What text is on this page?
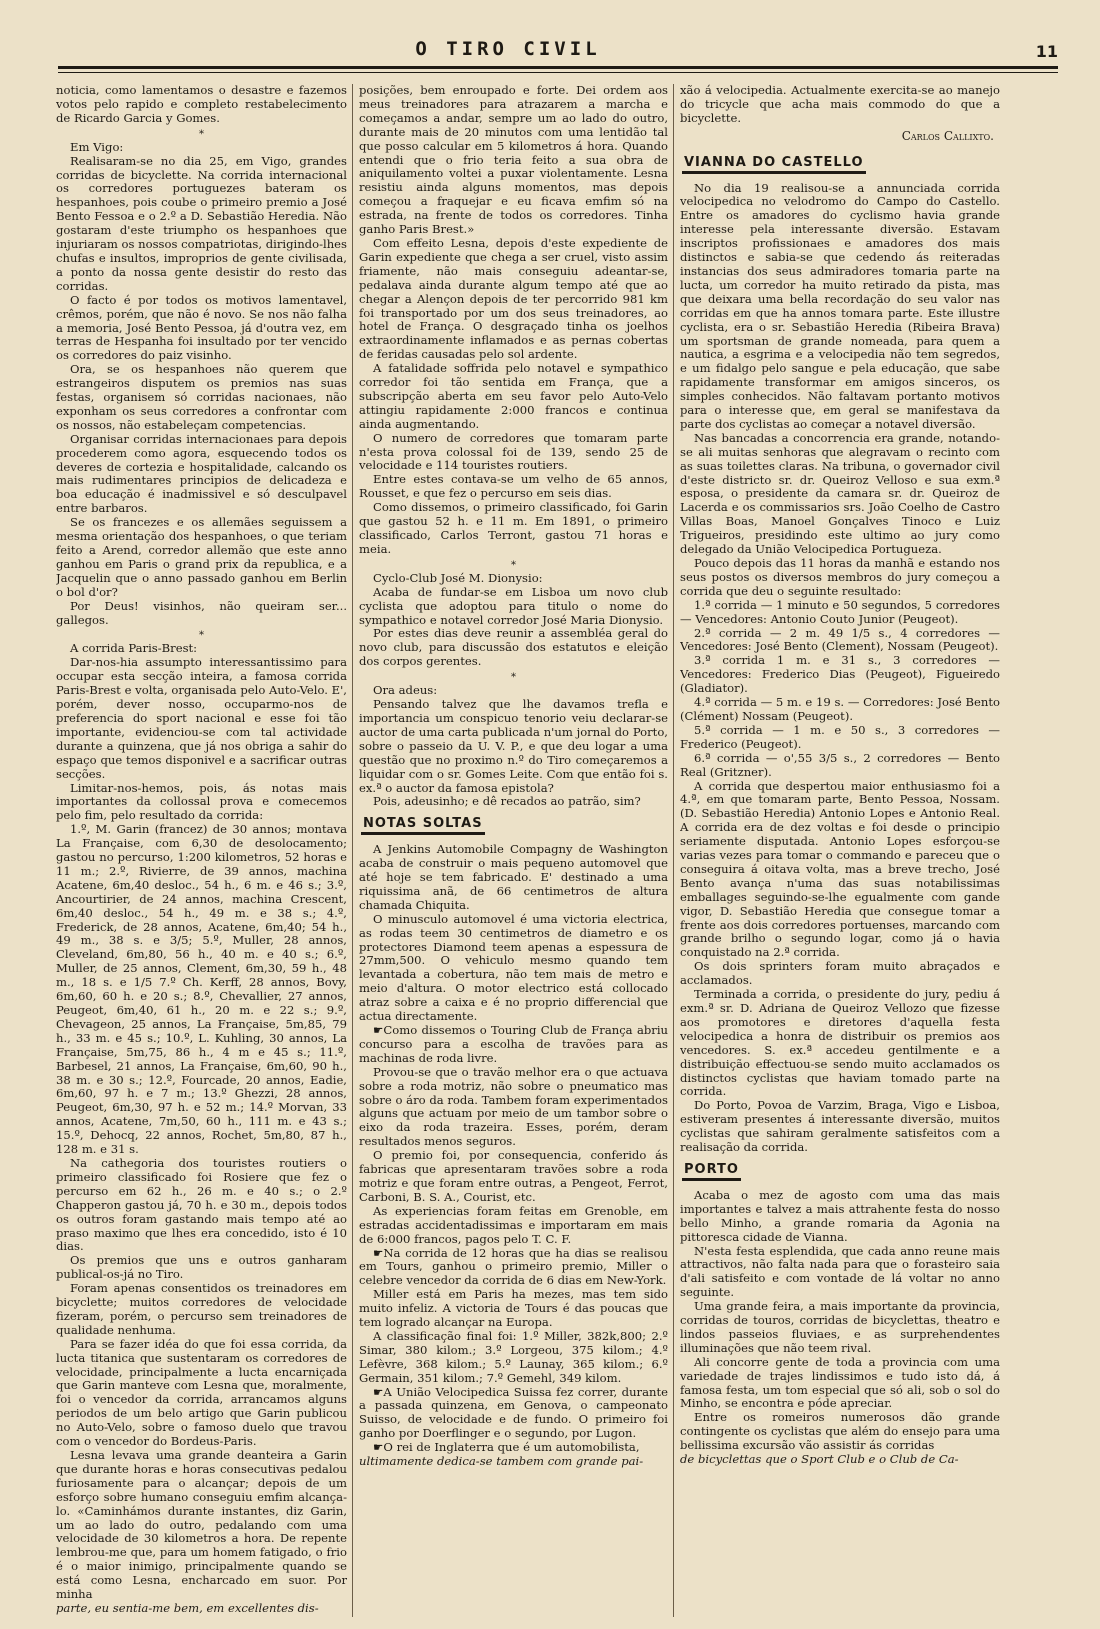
O TIRO CIVIL	11

noticia, como lamentamos o desastre e fazemos votos pelo rapido e completo restabelecimento de Ricardo Garcia y Gomes.

*

Em Vigo:

Realisaram-se no dia 25, em Vigo, grandes corridas de bicyclette. Na corrida internacional os corredores portuguezes bateram os hespanhoes, pois coube o primeiro premio a José Bento Fessoa e o 2.º a D. Sebastião Heredia. Não gostaram d'este triumpho os hespanhoes que injuriaram os nossos compatriotas, dirigindo-lhes chufas e insultos, improprios de gente civilisada, a ponto da nossa gente desistir do resto das corridas.

O facto é por todos os motivos lamentavel, crêmos, porém, que não é novo. Se nos não falha a memoria, José Bento Pessoa, já d'outra vez, em terras de Hespanha foi insultado por ter vencido os corredores do paiz visinho.

Ora, se os hespanhoes não querem que estrangeiros disputem os premios nas suas festas, organisem só corridas nacionaes, não exponham os seus corredores a confrontar com os nossos, não estabeleçam competencias.

Organisar corridas internacionaes para depois procederem como agora, esquecendo todos os deveres de cortezia e hospitalidade, calcando os mais rudimentares principios de delicadeza e boa educação é inadmissivel e só desculpavel entre barbaros.

Se os francezes e os allemães seguissem a mesma orientação dos hespanhoes, o que teriam feito a Arend, corredor allemão que este anno ganhou em Paris o grand prix da republica, e a Jacquelin que o anno passado ganhou em Berlin o bol d'or?

Por Deus! visinhos, não queiram ser... gallegos.

*

A corrida Paris-Brest:

Dar-nos-hia assumpto interessantissimo para occupar esta secção inteira, a famosa corrida Paris-Brest e volta, organisada pelo Auto-Velo. E', porém, dever nosso, occuparmo-nos de preferencia do sport nacional e esse foi tão importante, evidenciou-se com tal actividade durante a quinzena, que já nos obriga a sahir do espaço que temos disponivel e a sacrificar outras secções.

Limitar-nos-hemos, pois, ás notas mais importantes da collossal prova e comecemos pelo fim, pelo resultado da corrida:

1.º, M. Garin (francez) de 30 annos; montava La Française, com 6,30 de desolocamento; gastou no percurso, 1:200 kilometros, 52 horas e 11 m.; 2.º, Rivierre, de 39 annos, machina Acatene, 6m,40 desloc., 54 h., 6 m. e 46 s.; 3.º, Ancourtirier, de 24 annos, machina Crescent, 6m,40 desloc., 54 h., 49 m. e 38 s.; 4.º, Frederick, de 28 annos, Acatene, 6m,40; 54 h., 49 m., 38 s. e 3/5; 5.º, Muller, 28 annos, Cleveland, 6m,80, 56 h., 40 m. e 40 s.; 6.º, Muller, de 25 annos, Clement, 6m,30, 59 h., 48 m., 18 s. e 1/5 7.º Ch. Kerff, 28 annos, Bovy, 6m,60, 60 h. e 20 s.; 8.º, Chevallier, 27 annos, Peugeot, 6m,40, 61 h., 20 m. e 22 s.; 9.º, Chevageon, 25 annos, La Française, 5m,85, 79 h., 33 m. e 45 s.; 10.º, L. Kuhling, 30 annos, La Française, 5m,75, 86 h., 4 m e 45 s.; 11.º, Barbesel, 21 annos, La Française, 6m,60, 90 h., 38 m. e 30 s.; 12.º, Fourcade, 20 annos, Eadie, 6m,60, 97 h. e 7 m.; 13.º Ghezzi, 28 annos, Peugeot, 6m,30, 97 h. e 52 m.; 14.º Morvan, 33 annos, Acatene, 7m,50, 60 h., 111 m. e 43 s.; 15.º, Dehocq, 22 annos, Rochet, 5m,80, 87 h., 128 m. e 31 s.

Na cathegoria dos touristes routiers o primeiro classificado foi Rosiere que fez o percurso em 62 h., 26 m. e 40 s.; o 2.º Chapperon gastou já, 70 h. e 30 m., depois todos os outros foram gastando mais tempo até ao praso maximo que lhes era concedido, isto é 10 dias.

Os premios que uns e outros ganharam publical-os-já no Tiro.

Foram apenas consentidos os treinadores em bicyclette; muitos corredores de velocidade fizeram, porém, o percurso sem treinadores de qualidade nenhuma.

Para se fazer idéa do que foi essa corrida, da lucta titanica que sustentaram os corredores de velocidade, principalmente a lucta encarniçada que Garin manteve com Lesna que, moralmente, foi o vencedor da corrida, arrancamos alguns periodos de um belo artigo que Garin publicou no Auto-Velo, sobre o famoso duelo que travou com o vencedor do Bordeus-Paris.

Lesna levava uma grande deanteira a Garin que durante horas e horas consecutivas pedalou furiosamente para o alcançar; depois de um esforço sobre humano conseguiu emfim alcança-lo. «Caminhámos durante instantes, diz Garin, um ao lado do outro, pedalando com uma velocidade de 30 kilometros a hora. De repente lembrou-me que, para um homem fatigado, o frio é o maior inimigo, principalmente quando se está como Lesna, encharcado em suor. Por minha

parte, eu sentia-me bem, em excellentes dis-

posições, bem enroupado e forte. Dei ordem aos meus treinadores para atrazarem a marcha e começamos a andar, sempre um ao lado do outro, durante mais de 20 minutos com uma lentidão tal que posso calcular em 5 kilometros á hora. Quando entendi que o frio teria feito a sua obra de aniquilamento voltei a puxar violentamente. Lesna resistiu ainda alguns momentos, mas depois começou a fraquejar e eu ficava emfim só na estrada, na frente de todos os corredores. Tinha ganho Paris Brest.»

Com effeito Lesna, depois d'este expediente de Garin expediente que chega a ser cruel, visto assim friamente, não mais conseguiu adeantar-se, pedalava ainda durante algum tempo até que ao chegar a Alençon depois de ter percorrido 981 km foi transportado por um dos seus treinadores, ao hotel de França. O desgraçado tinha os joelhos extraordinamente inflamados e as pernas cobertas de feridas causadas pelo sol ardente.

A fatalidade soffrida pelo notavel e sympathico corredor foi tão sentida em França, que a subscripção aberta em seu favor pelo Auto-Velo attingiu rapidamente 2:000 francos e continua ainda augmentando.

O numero de corredores que tomaram parte n'esta prova colossal foi de 139, sendo 25 de velocidade e 114 touristes routiers.

Entre estes contava-se um velho de 65 annos, Rousset, e que fez o percurso em seis dias.

Como dissemos, o primeiro classificado, foi Garin que gastou 52 h. e 11 m. Em 1891, o primeiro classificado, Carlos Terront, gastou 71 horas e meia.

*

Cyclo-Club José M. Dionysio:

Acaba de fundar-se em Lisboa um novo club cyclista que adoptou para titulo o nome do sympathico e notavel corredor José Maria Dionysio.

Por estes dias deve reunir a assembléa geral do novo club, para discussão dos estatutos e eleição dos corpos gerentes.

*

Ora adeus:

Pensando talvez que lhe davamos trefla e importancia um conspicuo tenorio veiu declarar-se auctor de uma carta publicada n'um jornal do Porto, sobre o passeio da U. V. P., e que deu logar a uma questão que no proximo n.º do Tiro começaremos a liquidar com o sr. Gomes Leite. Com que então foi s. ex.ª o auctor da famosa epistola?

Pois, adeusinho; e dê recados ao patrão, sim?

NOTAS SOLTAS

A Jenkins Automobile Compagny de Washington acaba de construir o mais pequeno automovel que até hoje se tem fabricado. E' destinado a uma riquissima anã, de 66 centimetros de altura chamada Chiquita.

O minusculo automovel é uma victoria electrica, as rodas teem 30 centimetros de diametro e os protectores Diamond teem apenas a espessura de 27mm,500. O vehiculo mesmo quando tem levantada a cobertura, não tem mais de metro e meio d'altura. O motor electrico está collocado atraz sobre a caixa e é no proprio differencial que actua directamente.

☛Como dissemos o Touring Club de França abriu concurso para a escolha de travões para as machinas de roda livre.

Provou-se que o travão melhor era o que actuava sobre a roda motriz, não sobre o pneumatico mas sobre o áro da roda. Tambem foram experimentados alguns que actuam por meio de um tambor sobre o eixo da roda trazeira. Esses, porém, deram resultados menos seguros.

O premio foi, por consequencia, conferido ás fabricas que apresentaram travões sobre a roda motriz e que foram entre outras, a Pengeot, Ferrot, Carboni, B. S. A., Courist, etc.

As experiencias foram feitas em Grenoble, em estradas accidentadissimas e importaram em mais de 6:000 francos, pagos pelo T. C. F.

☛Na corrida de 12 horas que ha dias se realisou em Tours, ganhou o primeiro premio, Miller o celebre vencedor da corrida de 6 dias em New-York.

Miller está em Paris ha mezes, mas tem sido muito infeliz. A victoria de Tours é das poucas que tem logrado alcançar na Europa.

A classificação final foi: 1.º Miller, 382k,800; 2.º Simar, 380 kilom.; 3.º Lorgeou, 375 kilom.; 4.º Lefèvre, 368 kilom.; 5.º Launay, 365 kilom.; 6.º Germain, 351 kilom.; 7.º Gemehl, 349 kilom.

☛A União Velocipedica Suissa fez correr, durante a passada quinzena, em Genova, o campeonato Suisso, de velocidade e de fundo. O primeiro foi ganho por Doerflinger e o segundo, por Lugon.

☛O rei de Inglaterra que é um automobilista,

ultimamente dedica-se tambem com grande pai-

xão á velocipedia. Actualmente exercita-se ao manejo do tricycle que acha mais commodo do que a bicyclette.

Carlos Callixto.
VIANNA DO CASTELLO

No dia 19 realisou-se a annunciada corrida velocipedica no velodromo do Campo do Castello. Entre os amadores do cyclismo havia grande interesse pela interessante diversão. Estavam inscriptos profissionaes e amadores dos mais distinctos e sabia-se que cedendo ás reiteradas instancias dos seus admiradores tomaria parte na lucta, um corredor ha muito retirado da pista, mas que deixara uma bella recordação do seu valor nas corridas em que ha annos tomara parte. Este illustre cyclista, era o sr. Sebastião Heredia (Ribeira Brava) um sportsman de grande nomeada, para quem a nautica, a esgrima e a velocipedia não tem segredos, e um fidalgo pelo sangue e pela educação, que sabe rapidamente transformar em amigos sinceros, os simples conhecidos. Não faltavam portanto motivos para o interesse que, em geral se manifestava da parte dos cyclistas ao começar a notavel diversão.

Nas bancadas a concorrencia era grande, notando-se ali muitas senhoras que alegravam o recinto com as suas toilettes claras. Na tribuna, o governador civil d'este districto sr. dr. Queiroz Velloso e sua exm.ª esposa, o presidente da camara sr. dr. Queiroz de Lacerda e os commissarios srs. João Coelho de Castro Villas Boas, Manoel Gonçalves Tinoco e Luiz Trigueiros, presidindo este ultimo ao jury como delegado da União Velocipedica Portugueza.

Pouco depois das 11 horas da manhã e estando nos seus postos os diversos membros do jury começou a corrida que deu o seguinte resultado:

1.ª corrida — 1 minuto e 50 segundos, 5 corredores — Vencedores: Antonio Couto Junior (Peugeot).

2.ª corrida — 2 m. 49 1/5 s., 4 corredores — Vencedores: José Bento (Clement), Nossam (Peugeot).

3.ª corrida 1 m. e 31 s., 3 corredores — Vencedores: Frederico Dias (Peugeot), Figueiredo (Gladiator).

4.ª corrida — 5 m. e 19 s. — Corredores: José Bento (Clément) Nossam (Peugeot).

5.ª corrida — 1 m. e 50 s., 3 corredores — Frederico (Peugeot).

6.ª corrida — o',55 3/5 s., 2 corredores — Bento Real (Gritzner).

A corrida que despertou maior enthusiasmo foi a 4.ª, em que tomaram parte, Bento Pessoa, Nossam. (D. Sebastião Heredia) Antonio Lopes e Antonio Real. A corrida era de dez voltas e foi desde o principio seriamente disputada. Antonio Lopes esforçou-se varias vezes para tomar o commando e pareceu que o conseguira á oitava volta, mas a breve trecho, José Bento avança n'uma das suas notabilissimas emballages seguindo-se-lhe egualmente com gande vigor, D. Sebastião Heredia que consegue tomar a frente aos dois corredores portuenses, marcando com grande brilho o segundo logar, como já o havia conquistado na 2.ª corrida.

Os dois sprinters foram muito abraçados e acclamados.

Terminada a corrida, o presidente do jury, pediu á exm.ª sr. D. Adriana de Queiroz Vellozo que fizesse aos promotores e diretores d'aquella festa velocipedica a honra de distribuir os premios aos vencedores. S. ex.ª accedeu gentilmente e a distribuição effectuou-se sendo muito acclamados os distinctos cyclistas que haviam tomado parte na corrida.

Do Porto, Povoa de Varzim, Braga, Vigo e Lisboa, estiveram presentes á interessante diversão, muitos cyclistas que sahiram geralmente satisfeitos com a realisação da corrida.

PORTO

Acaba o mez de agosto com uma das mais importantes e talvez a mais attrahente festa do nosso bello Minho, a grande romaria da Agonia na pittoresca cidade de Vianna.

N'esta festa esplendida, que cada anno reune mais attractivos, não falta nada para que o forasteiro saia d'ali satisfeito e com vontade de lá voltar no anno seguinte.

Uma grande feira, a mais importante da provincia, corridas de touros, corridas de bicyclettas, theatro e lindos passeios fluviaes, e as surprehendentes illuminações que não teem rival.

Ali concorre gente de toda a provincia com uma variedade de trajes lindissimos e tudo isto dá, á famosa festa, um tom especial que só ali, sob o sol do Minho, se encontra e póde apreciar.

Entre os romeiros numerosos dão grande contingente os cyclistas que além do ensejo para uma bellissima excursão vão assistir ás corridas

de bicyclettas que o Sport Club e o Club de Ca-
